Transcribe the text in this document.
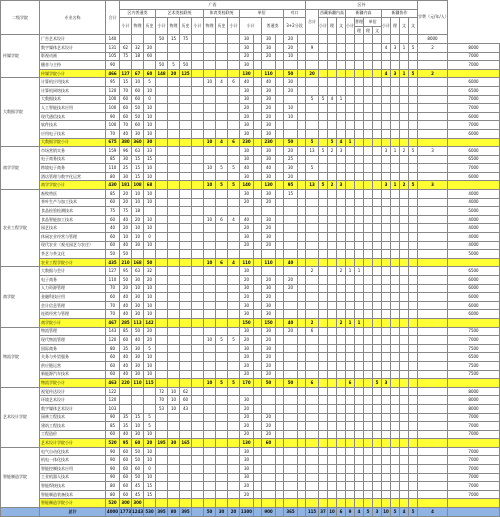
二级学院	专业名称	合计	广西																区外												学费（元/年/人）	
			区内普通类			艺术类校联统				体育类校联统			单招				对口		合计	西藏新疆内高			新疆内高				新疆协作					
			小计	物理	历史	小计	物理	历史	小计	物理	历史	小计	小计		普通类		3+2分段			小计	理	文	小计	普理	单招		小计	理	文	文		
																								理	理	文						
传媒学院	广告艺术设计	140				50	15	75					30		30		20														8000	
	数字媒体艺术设计	131	62	32	20								30		30		20		9								4	3	1	5	2	8000
	影视动画	105	75	18	60								20		20		10															7000
	播音与主持	90				50	5	50					30																			7000
	传媒学院小计	466	127	67	60	148	20	125					130		110		50		20								4	3	1	5	2	
大数据学院	计算机应用技术	95	15	10	5					10	4	6	40		40		30															6000
	计算机网络技术	120	70	60	10								30		30		20															6500
	大数据技术	100	60	60	0								30		30				5	5	4	1										7000
	人工智能技术应用	100	60	50	10								20		20		10															7000
	现代通信技术	90	60	50	10								20		20		10															6000
	软件技术	100	70	60	10								30		30																	7000
	应用电子技术	70	40	30	10								30		30																	6000
	大数据学院小计	675	380	360	30					10	4	6	230		230		50		5		5	4	1									
商学学院	市场营销实务	159	96	63	33								30		30		20		13	5	2	3					3	1	2	5	3	6000
	电子商务技术	85	30	15	15								30		30		25															6500
	跨境电子商务	110	25	15	10					10	5	5	40		40		30		5													7000
	酒店管理与数字化运营	80	30	15	10								30		30		20															6000
	商学学院小计	430	181	108	68					10	5	5	140		130		95		13	5	2	3					3	1	2	5	3	
农业工程学院	畜牧兽医	85	20	10	10								30		30		15															4000
	茶叶生产与加工技术	60	20	10	10								20		20																	4000
	食品检验检测技术	75	75	18																												5000
	食品智能加工技术	60	40	20	10					10	6	4	40		30																	4000
	园艺技术	40	20	10	10								20		20																	4000
	休闲农业经营与管理	60	10	10	0								30		30																	4000
	现代农业（观光园艺与农庄）	60	40	30	10								20		20																	4000
	茶艺与茶文化	50	50																													5000
	农业工程学院小计	435	210	168	50					10	6	4	110		110		40															
商学院	大数据与会计	127	95	63	32								30						2			2	1	1								6500
	电子商务	110	50	30	20								20		20		20															6000
	人力资源管理	70	20	10	10								30		30		20															6000
	金融科技应用	60	40	30	10								20		20																	6000
	会计信息管理	70	40	30	10								30		30																	6000
	连锁经营与管理	70	40	30	10								30		30																	6000
	商学院小计	467	285	113	142								150		150		40		2			2	1	1								
物流学院	物流管理	143	85	50	20								30		30		20		6													7500
	现代物流管理	120	60	40	20					10	5	5	20		20																	7000
	国际商务	80	35	30	5								30		30																	7500
	关务与外贸服务	60	40	30	10								20		20																	6500
	供应链运营	60	40	30	10								20		20																	7500
	新能源汽车技术	60	40	30	10								20		20																	7500
	物流学院小计	463	220	110	115					10	5	5	170		50		50		6				6			5	3					
艺术设计学院	视觉传达设计	122				72	10	62																								8000
	环境艺术设计	120				70	10	60					30																			8000
	数字媒体艺术设计	103				53	10	43					20																			8000
	园林工程技术	90	35	15	5								20		20																	7000
	建筑工程技术	85	35	10	5								20		20																	7000
	工程造价	60	40	30	10								20		20																	7000
	艺术设计学院小计	520	95	60	20	195	30	165					130		60																	
智能制造学院	电气自动化技术	90	60	50	10								30																			7000
	机电一体化技术	90	60	50	10								30																			7000
	智能控制技术应用	90	60	60	0								30																			7000
	工业机器人技术	90	60	50	10								30																			7000
	智能焊接技术	80	60	45	15								20																			7000
	智能制造装备技术	80	60	45	15								20																			7000
	智能制造学院小计	520	300	300																												
	总计	4000	1773	1243	530	395	80	395		50	30	20	1300		900		365		115	37	10	6	9	4	5	3	10	5	4	5	4	
